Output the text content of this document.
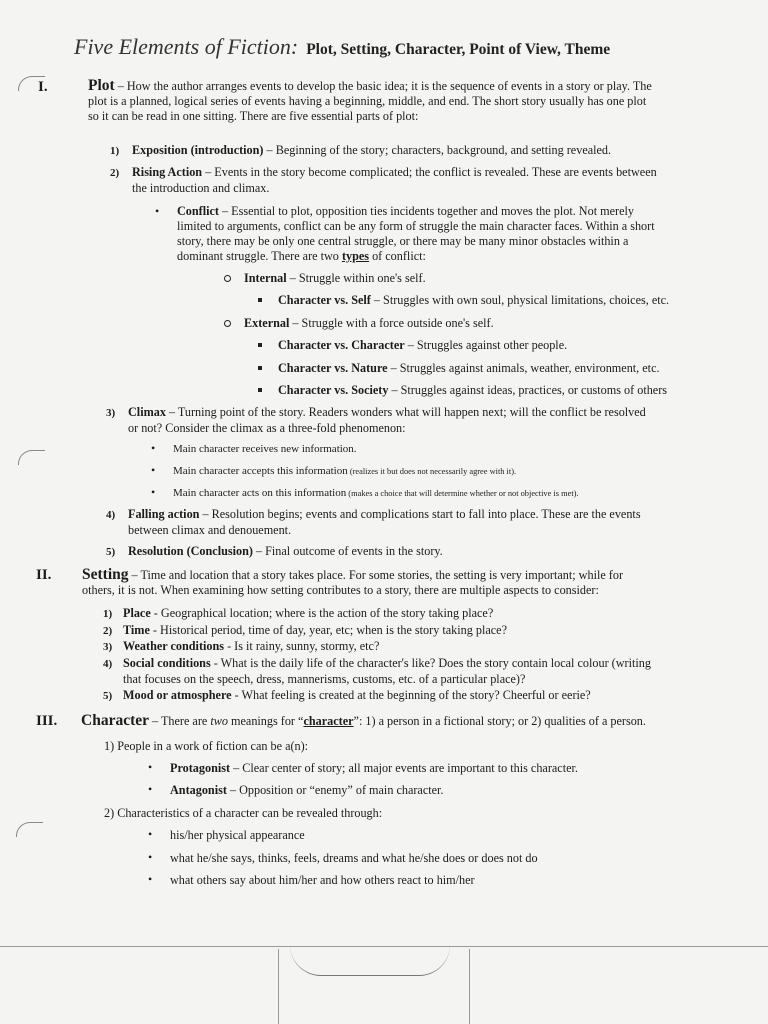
Five Elements of Fiction: Plot, Setting, Character, Point of View, Theme
I.	Plot – How the author arranges events to develop the basic idea; it is the sequence of events in a story or play. The
plot is a planned, logical series of events having a beginning, middle, and end. The short story usually has one plot
so it can be read in one sitting. There are five essential parts of plot:
1) Exposition (introduction) – Beginning of the story; characters, background, and setting revealed.
2) Rising Action – Events in the story become complicated; the conflict is revealed. These are events between
the introduction and climax.
• Conflict – Essential to plot, opposition ties incidents together and moves the plot. Not merely
limited to arguments, conflict can be any form of struggle the main character faces. Within a short
story, there may be only one central struggle, or there may be many minor obstacles within a
dominant struggle. There are two types of conflict:
Internal – Struggle within one's self.
Character vs. Self – Struggles with own soul, physical limitations, choices, etc.
External – Struggle with a force outside one's self.
Character vs. Character – Struggles against other people.
Character vs. Nature – Struggles against animals, weather, environment, etc.
Character vs. Society – Struggles against ideas, practices, or customs of others
3) Climax – Turning point of the story. Readers wonders what will happen next; will the conflict be resolved
or not? Consider the climax as a three-fold phenomenon:
• Main character receives new information.
• Main character accepts this information (realizes it but does not necessarily agree with it).
• Main character acts on this information (makes a choice that will determine whether or not objective is met).
4) Falling action – Resolution begins; events and complications start to fall into place. These are the events
between climax and denouement.
5) Resolution (Conclusion) – Final outcome of events in the story.
II. Setting – Time and location that a story takes place. For some stories, the setting is very important; while for
others, it is not. When examining how setting contributes to a story, there are multiple aspects to consider:
1) Place - Geographical location; where is the action of the story taking place?
2) Time - Historical period, time of day, year, etc; when is the story taking place?
3) Weather conditions - Is it rainy, sunny, stormy, etc?
4) Social conditions - What is the daily life of the character's like? Does the story contain local colour (writing
that focuses on the speech, dress, mannerisms, customs, etc. of a particular place)?
5) Mood or atmosphere - What feeling is created at the beginning of the story? Cheerful or eerie?
III. Character – There are two meanings for “character”: 1) a person in a fictional story; or 2) qualities of a person.
1) People in a work of fiction can be a(n):
• Protagonist – Clear center of story; all major events are important to this character.
• Antagonist – Opposition or “enemy” of main character.
2) Characteristics of a character can be revealed through:
• his/her physical appearance
• what he/she says, thinks, feels, dreams and what he/she does or does not do
• what others say about him/her and how others react to him/her
